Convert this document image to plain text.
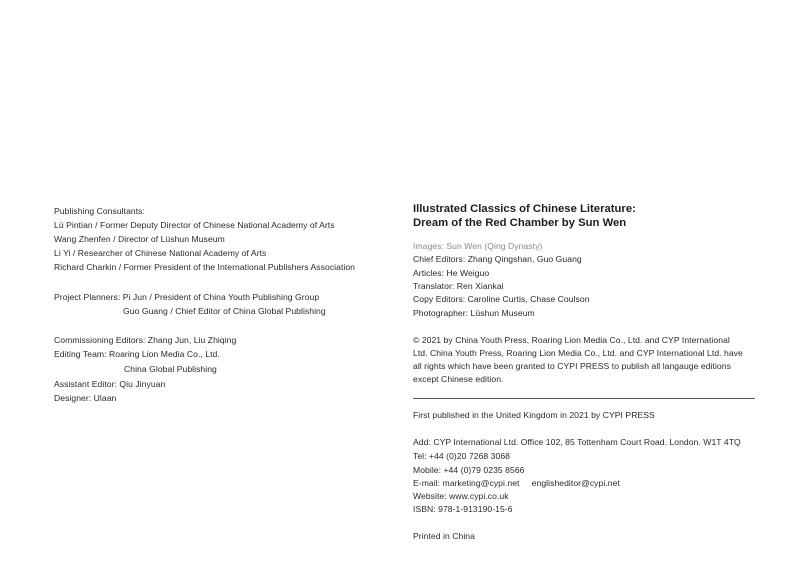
Publishing Consultants:
Lü Pintian / Former Deputy Director of Chinese National Academy of Arts
Wang Zhenfen / Director of Lüshun Museum
Li Yi / Researcher of Chinese National Academy of Arts
Richard Charkin / Former President of the International Publishers Association
Project Planners: Pi Jun / President of China Youth Publishing Group
Guo Guang / Chief Editor of China Global Publishing
Commissioning Editors: Zhang Jun, Liu Zhiqing
Editing Team: Roaring Lion Media Co., Ltd.
China Global Publishing
Assistant Editor: Qiu Jinyuan
Designer: Ulaan
Illustrated Classics of Chinese Literature:
Dream of the Red Chamber by Sun Wen
Images: Sun Wen (Qing Dynasty)
Chief Editors: Zhang Qingshan, Guo Guang
Articles: He Weiguo
Translator: Ren Xiankai
Copy Editors: Caroline Curtis, Chase Coulson
Photographer: Lüshun Museum
© 2021 by China Youth Press, Roaring Lion Media Co., Ltd. and CYP International
Ltd. China Youth Press, Roaring Lion Media Co., Ltd. and CYP International Ltd. have
all rights which have been granted to CYPI PRESS to publish all langauge editions
except Chinese edition.
First published in the United Kingdom in 2021 by CYPI PRESS
Add: CYP International Ltd. Office 102, 85 Tottenham Court Road. London. W1T 4TQ
Tel: +44 (0)20 7268 3068
Mobile: +44 (0)79 0235 8566
E-mail: marketing@cypi.net     englisheditor@cypi.net
Website: www.cypi.co.uk
ISBN: 978-1-913190-15-6
Printed in China
